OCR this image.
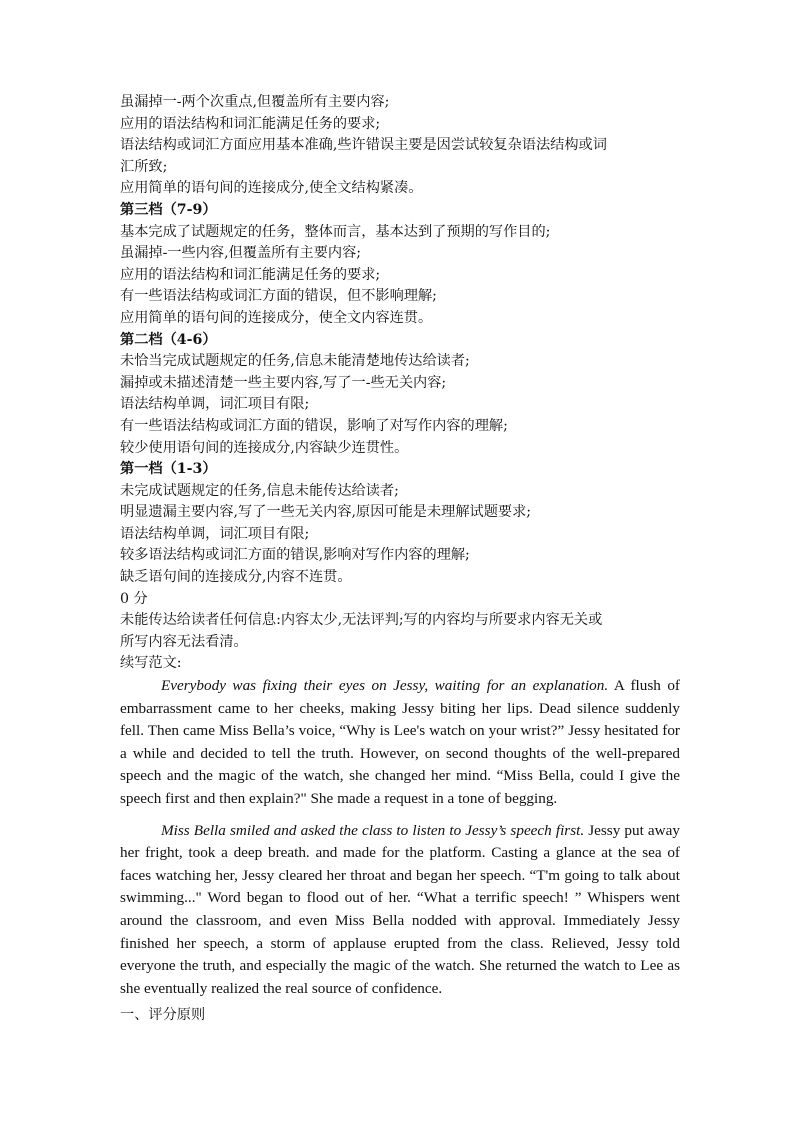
虽漏掉一-两个次重点,但覆盖所有主要内容;
应用的语法结构和词汇能满足任务的要求;
语法结构或词汇方面应用基本准确,些许错误主要是因尝试较复杂语法结构或词
汇所致;
应用简单的语句间的连接成分,使全文结构紧凑。
第三档（7-9）
基本完成了试题规定的任务，整体而言，基本达到了预期的写作目的;
虽漏掉-一些内容,但覆盖所有主要内容;
应用的语法结构和词汇能满足任务的要求;
有一些语法结构或词汇方面的错误，但不影响理解;
应用简单的语句间的连接成分，使全文内容连贯。
第二档（4-6）
未恰当完成试题规定的任务,信息未能清楚地传达给读者;
漏掉或未描述清楚一些主要内容,写了一-些无关内容;
语法结构单调，词汇项目有限;
有一些语法结构或词汇方面的错误，影响了对写作内容的理解;
较少使用语句间的连接成分,内容缺少连贯性。
第一档（1-3）
未完成试题规定的任务,信息未能传达给读者;
明显遗漏主要内容,写了一些无关内容,原因可能是未理解试题要求;
语法结构单调，词汇项目有限;
较多语法结构或词汇方面的错误,影响对写作内容的理解;
缺乏语句间的连接成分,内容不连贯。
0 分
未能传达给读者任何信息:内容太少,无法评判;写的内容均与所要求内容无关或
所写内容无法看清。
续写范文:

Everybody was fixing their eyes on Jessy, waiting for an explanation. A flush of embarrassment came to her cheeks, making Jessy biting her lips. Dead silence suddenly fell. Then came Miss Bella’s voice, “Why is Lee's watch on your wrist?” Jessy hesitated for a while and decided to tell the truth. However, on second thoughts of the well-prepared speech and the magic of the watch, she changed her mind. “Miss Bella, could I give the speech first and then explain?" She made a request in a tone of begging.

Miss Bella smiled and asked the class to listen to Jessy’s speech first. Jessy put away her fright, took a deep breath. and made for the platform. Casting a glance at the sea of faces watching her, Jessy cleared her throat and began her speech. “T'm going to talk about swimming..." Word began to flood out of her. “What a terrific speech! ” Whispers went around the classroom, and even Miss Bella nodded with approval. Immediately Jessy finished her speech, a storm of applause erupted from the class. Relieved, Jessy told everyone the truth, and especially the magic of the watch. She returned the watch to Lee as she eventually realized the real source of confidence.

一、评分原则
